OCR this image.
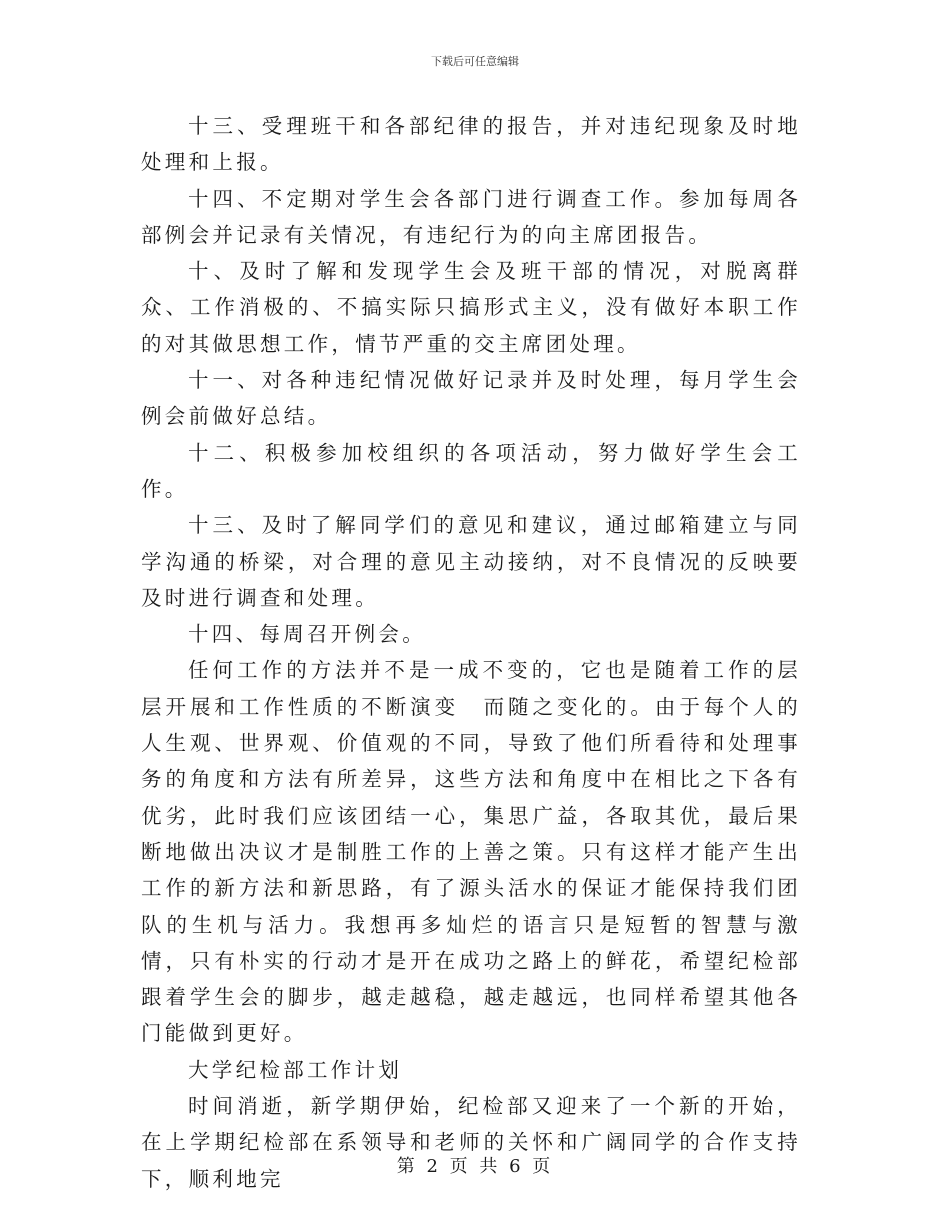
下载后可任意编辑

十三、受理班干和各部纪律的报告，并对违纪现象及时地处理和上报。

十四、不定期对学生会各部门进行调查工作。参加每周各部例会并记录有关情况，有违纪行为的向主席团报告。

十、及时了解和发现学生会及班干部的情况，对脱离群众、工作消极的、不搞实际只搞形式主义，没有做好本职工作的对其做思想工作，情节严重的交主席团处理。

十一、对各种违纪情况做好记录并及时处理，每月学生会例会前做好总结。

十二、积极参加校组织的各项活动，努力做好学生会工作。

十三、及时了解同学们的意见和建议，通过邮箱建立与同学沟通的桥梁，对合理的意见主动接纳，对不良情况的反映要及时进行调查和处理。

十四、每周召开例会。

任何工作的方法并不是一成不变的，它也是随着工作的层层开展和工作性质的不断演变　而随之变化的。由于每个人的人生观、世界观、价值观的不同，导致了他们所看待和处理事务的角度和方法有所差异，这些方法和角度中在相比之下各有优劣，此时我们应该团结一心，集思广益，各取其优，最后果断地做出决议才是制胜工作的上善之策。只有这样才能产生出工作的新方法和新思路，有了源头活水的保证才能保持我们团队的生机与活力。我想再多灿烂的语言只是短暂的智慧与激情，只有朴实的行动才是开在成功之路上的鲜花，希望纪检部跟着学生会的脚步，越走越稳，越走越远，也同样希望其他各门能做到更好。

大学纪检部工作计划

时间消逝，新学期伊始，纪检部又迎来了一个新的开始，在上学期纪检部在系领导和老师的关怀和广阔同学的合作支持下，顺利地完

第 2 页 共 6 页
